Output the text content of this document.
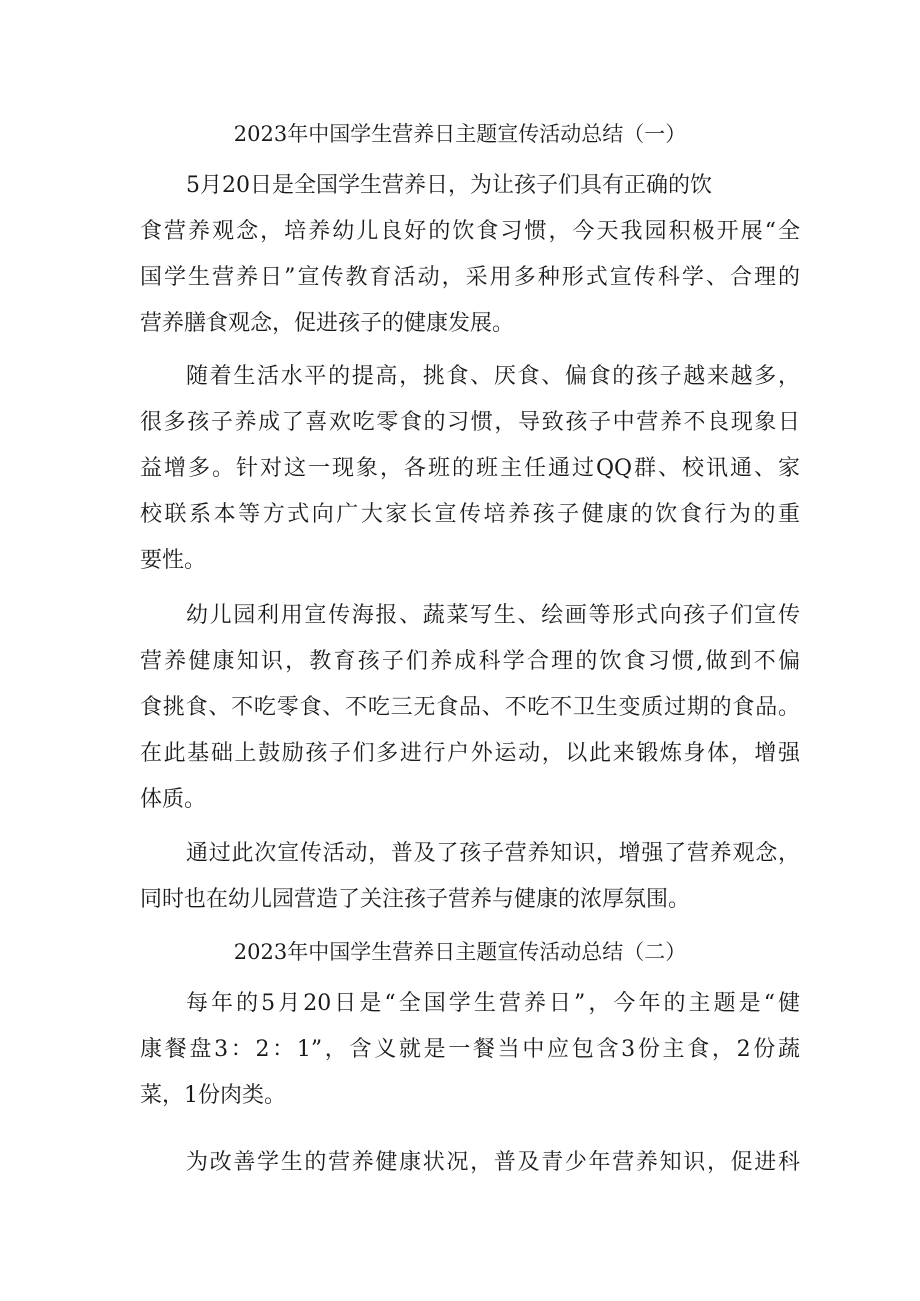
2023年中国学生营养日主题宣传活动总结（一）
5月20日是全国学生营养日，为让孩子们具有正确的饮
食营养观念，培养幼儿良好的饮食习惯，今天我园积极开展“全
国学生营养日”宣传教育活动，采用多种形式宣传科学、合理的
营养膳食观念，促进孩子的健康发展。
随着生活水平的提高，挑食、厌食、偏食的孩子越来越多，
很多孩子养成了喜欢吃零食的习惯，导致孩子中营养不良现象日
益增多。针对这一现象，各班的班主任通过QQ群、校讯通、家
校联系本等方式向广大家长宣传培养孩子健康的饮食行为的重
要性。
幼儿园利用宣传海报、蔬菜写生、绘画等形式向孩子们宣传
营养健康知识，教育孩子们养成科学合理的饮食习惯,做到不偏
食挑食、不吃零食、不吃三无食品、不吃不卫生变质过期的食品。
在此基础上鼓励孩子们多进行户外运动，以此来锻炼身体，增强
体质。
通过此次宣传活动，普及了孩子营养知识，增强了营养观念，
同时也在幼儿园营造了关注孩子营养与健康的浓厚氛围。
2023年中国学生营养日主题宣传活动总结（二）
每年的5月20日是“全国学生营养日”，今年的主题是“健
康餐盘3：2：1”，含义就是一餐当中应包含3份主食，2份蔬
菜，1份肉类。
为改善学生的营养健康状况，普及青少年营养知识，促进科
